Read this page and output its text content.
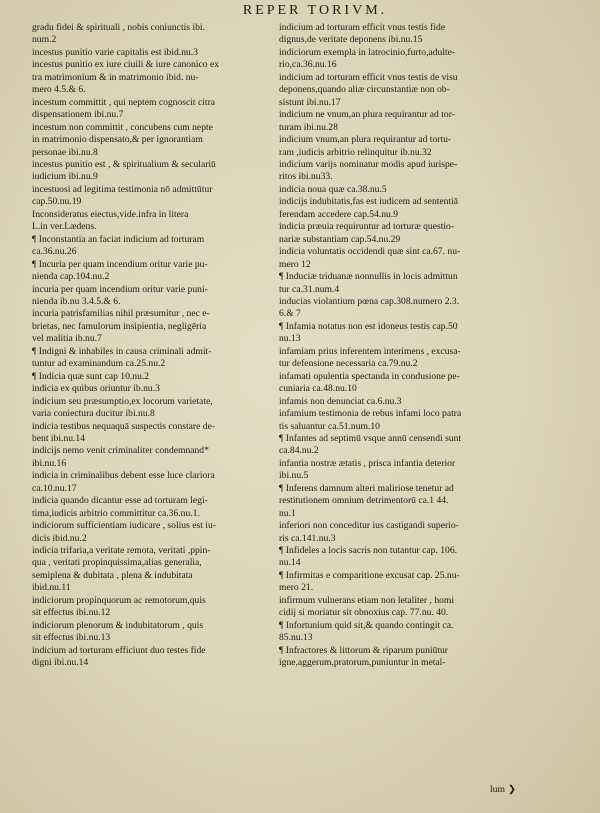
REPER TORIVM.
gradu fidei & spirituali , nobis coniunctis ibi.
num.2
incestus punitio varie capitalis est ibid.nu.3
incestus punitio ex iure ciuili & iure canonico ex
tra matrimonium & in matrimonio ibid. nu-
mero 4.5.& 6.
incestum committit , qui neptem cognoscit citra
dispensationem ibi.nu.7
incestum non committit , concubens cum nepte
in matrimonio dispensato,& per ignorantiam
personae ibi.nu.8
incestus punitio est , & spiritualium & seculariū
iudicium ibi.nu.9
incestuosi ad legitima testimonia nō admittūtur
cap.50.nu.19
Inconsideratus eiectus,vide.infra in litera
L.in ver.Lædens.
¶ Inconstantia an faciat indicium ad torturam
ca.36.nu.26
¶ Incuria per quam incendium oritur varie pu-
nienda cap.104.nu.2
incuria per quam incendium oritur varie puni-
nienda ib.nu 3.4.5.& 6.
incuria patrisfamilias nihil præsumitur , nec e-
brietas, nec famulorum insipientia, negligēria
vel malitia ib.nu.7
¶ Indigni & inhabiles in causa criminali admit-
tuntur ad examinandum ca.25.nu.2
¶ Indicia quæ sunt cap 10.nu.2
indicia ex quibus oriuntur ib.nu.3
indicium seu præsumptio,ex locorum varietate,
varia coniectura ducitur ibi.nu.8
indicia testibus nequaquā suspectis constare de-
bent ibi.nu.14
indicijs nemo venit criminaliter condemnand*
ibi.nu.16
indicia in criminalibus debent esse luce clariora
ca.10.nu.17
indicia quando dicantur esse ad torturam legi-
tima,iudicis arbitrio committitur ca.36.nu.1.
indiciorum sufficientiam iudicare , solius est iu-
dicis ibid.nu.2
indicia trifaria,a veritate remota, veritati ,ppin-
qua , veritati propinquissima,alias generalia,
semiplena & dubitata , plena & indubitata
ibid.nu.11
indiciorum propinquorum ac remotorum,quis
sit effectus ibi.nu.12
indiciorum plenorum & indubitatorum , quis
sit effectus ibi.nu.13
indicium ad torturam efficiunt duo testes fide
digni ibi.nu.14
indicium ad torturam efficit vnus testis fide
dignus,de veritate deponens ibi.nu.15
indiciorum exempla in latrocinio,furto,adulte-
rio,ca.36.nu.16
indicium ad torturam efficit vnus testis de visu
deponens,quando aliæ circunstantiæ non ob-
sistunt ibi.nu.17
indicium ne vnum,an plura requirantur ad tor-
turam ibi.nu.28
indicium vnum,an plura requirantur ad tortu-
ram ,iudicis arbitrio relinquitur ib.nu.32
indicium varijs nominatur modis apud iurispe-
ritos ibi.nu33.
indicia noua quæ ca.38.nu.5
indicijs indubitatis,fas est iudicem ad sententiā
ferendam accedere cap.54.nu.9
indicia præuia requiruntur ad torturæ questio-
nariæ substantiam cap.54.nu.29
indicia voluntatis occidendi quæ sint ca.67. nu-
mero 12
¶ Induciæ triduanæ nonnullis in locis admittun
tur ca.31.num.4
inducias violantium pœna cap.308.numero 2.3.
6.& 7
¶ Infamia notatus non est idoneus testis cap.50
nu.13
infamiam prius inferentem interimens , excusa-
tur defensione necessaria ca.79.nu.2
infamati opulentia spectanda in condusione pe-
cuniaria ca.48.nu.10
infamis non denunciat ca.6.nu.3
infamium testimonia de rebus infami loco patra
tis saluantur ca.51.num.10
¶ Infantes ad septimū vsque annū censendi sunt
ca.84.nu.2
infantia nostræ ætatis , prisca infantia deterior
ibi.nu.5
¶ Inferens damnum alteri maliriose tenetur ad
restitutionem omnium detrimentorū ca.1 44.
nu.1
inferiori non conceditur ius castigandi superio-
ris ca.141.nu.3
¶ Infideles a locis sacris non tutantur cap. 106.
nu.14
¶ Infirmitas e comparitione excusat cap. 25.nu-
mero 21.
infirmum vulnerans etiam non letaliter , homi
cidij si moriatur sit obnoxius cap. 77.nu. 40.
¶ Infortunium quid sit,& quando contingit ca.
85.nu.13
¶ Infractores & littorum & riparum puniūtur
igne,aggerum,pratorum,puniuntur in metal-
lum ❯
